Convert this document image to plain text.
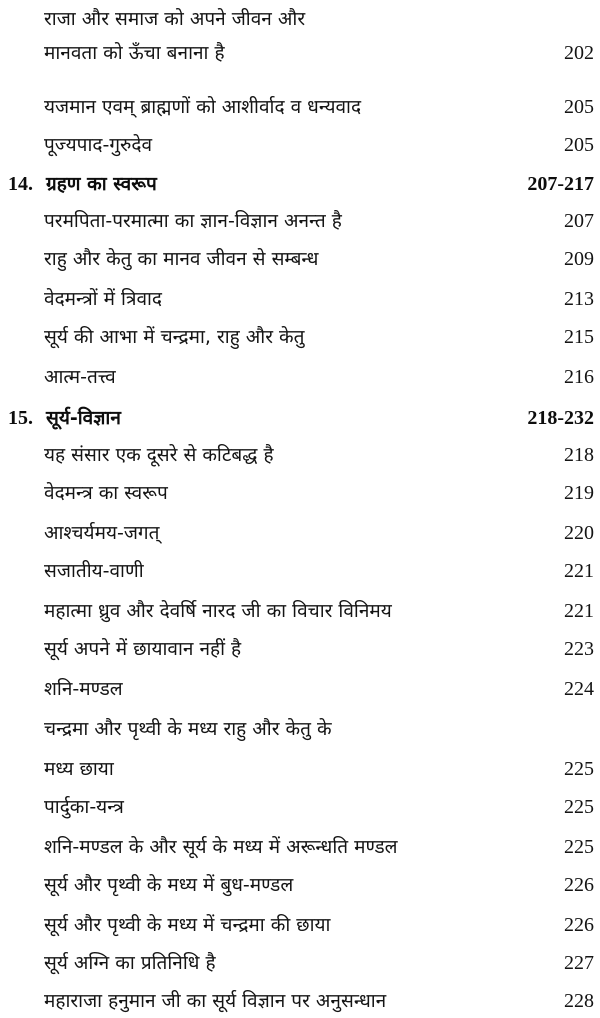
राजा और समाज को अपने जीवन और
मानवता को ऊँचा बनाना है	202
यजमान एवम् ब्राह्मणों को आशीर्वाद व धन्यवाद	205
पूज्यपाद-गुरुदेव	205
14. ग्रहण का स्वरूप	207-217
परमपिता-परमात्मा का ज्ञान-विज्ञान अनन्त है	207
राहु और केतु का मानव जीवन से सम्बन्ध	209
वेदमन्त्रों में त्रिवाद	213
सूर्य की आभा में चन्द्रमा, राहु और केतु	215
आत्म-तत्त्व	216
15. सूर्य-विज्ञान	218-232
यह संसार एक दूसरे से कटिबद्ध है	218
वेदमन्त्र का स्वरूप	219
आश्चर्यमय-जगत्	220
सजातीय-वाणी	221
महात्मा ध्रुव और देवर्षि नारद जी का विचार विनिमय	221
सूर्य अपने में छायावान नहीं है	223
शनि-मण्डल	224
चन्द्रमा और पृथ्वी के मध्य राहु और केतु के
मध्य छाया	225
पार्दुका-यन्त्र	225
शनि-मण्डल के और सूर्य के मध्य में अरून्धति मण्डल	225
सूर्य और पृथ्वी के मध्य में बुध-मण्डल	226
सूर्य और पृथ्वी के मध्य में चन्द्रमा की छाया	226
सूर्य अग्नि का प्रतिनिधि है	227
महाराजा हनुमान जी का सूर्य विज्ञान पर अनुसन्धान	228
